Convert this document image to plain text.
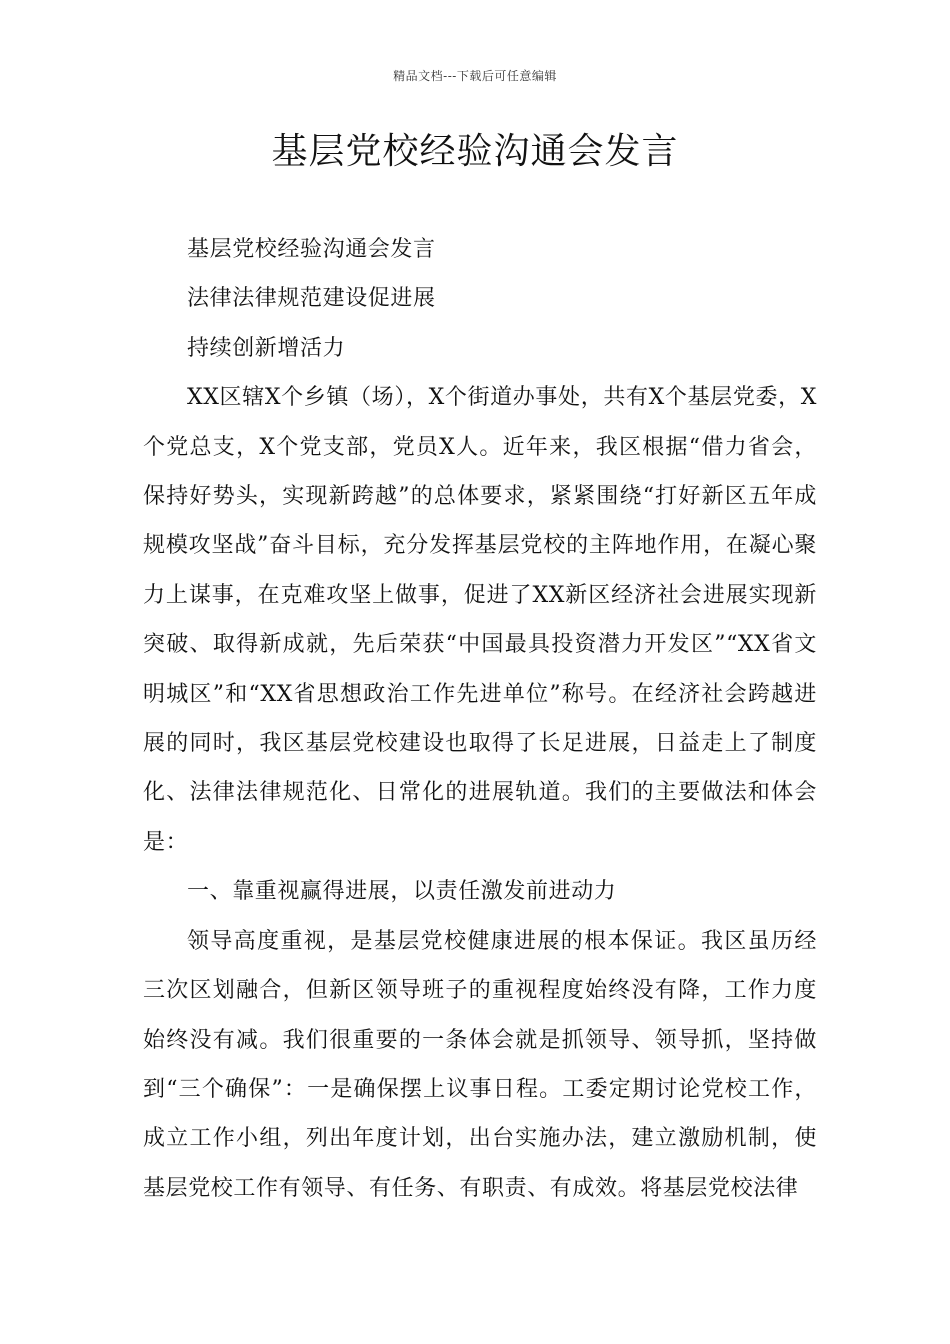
精品文档---下载后可任意编辑
基层党校经验沟通会发言

基层党校经验沟通会发言

法律法律规范建设促进展

持续创新增活力

XX区辖X个乡镇（场），X个街道办事处，共有X个基层党委，X个党总支，X个党支部，党员X人。近年来，我区根据“借力省会，保持好势头，实现新跨越”的总体要求，紧紧围绕“打好新区五年成规模攻坚战”奋斗目标，充分发挥基层党校的主阵地作用，在凝心聚力上谋事，在克难攻坚上做事，促进了XX新区经济社会进展实现新突破、取得新成就，先后荣获“中国最具投资潜力开发区”“XX省文明城区”和“XX省思想政治工作先进单位”称号。在经济社会跨越进展的同时，我区基层党校建设也取得了长足进展，日益走上了制度化、法律法律规范化、日常化的进展轨道。我们的主要做法和体会是：

一、靠重视赢得进展，以责任激发前进动力

领导高度重视，是基层党校健康进展的根本保证。我区虽历经三次区划融合，但新区领导班子的重视程度始终没有降，工作力度始终没有减。我们很重要的一条体会就是抓领导、领导抓，坚持做到“三个确保”：一是确保摆上议事日程。工委定期讨论党校工作，成立工作小组，列出年度计划，出台实施办法，建立激励机制，使基层党校工作有领导、有任务、有职责、有成效。将基层党校法律
